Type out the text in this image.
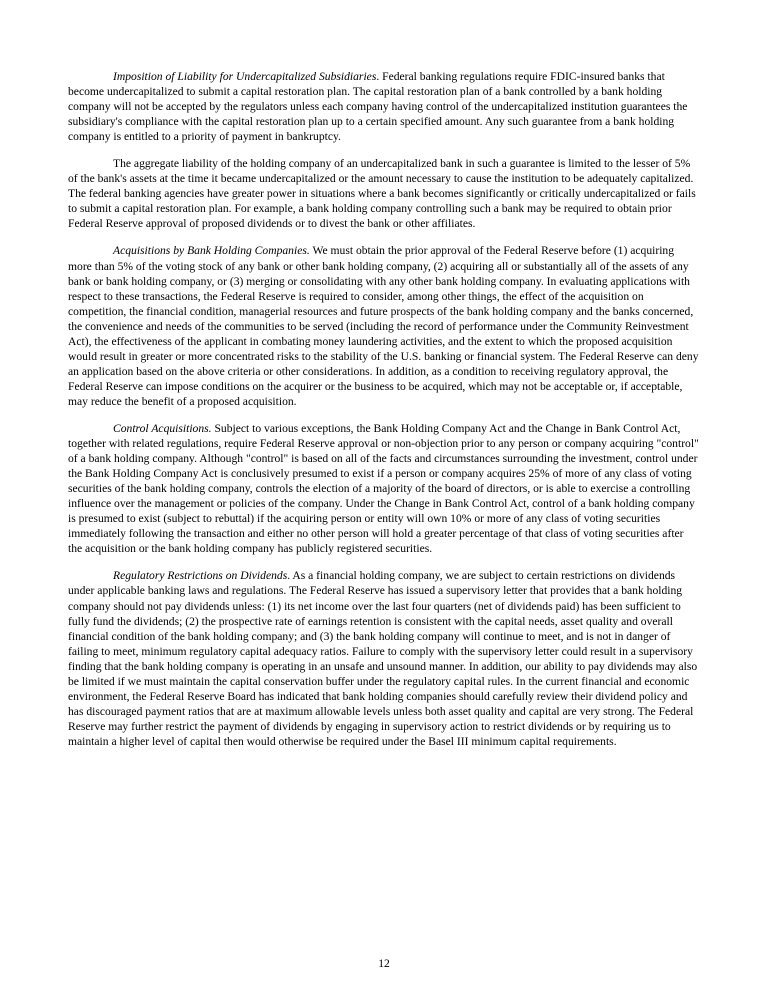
Imposition of Liability for Undercapitalized Subsidiaries. Federal banking regulations require FDIC-insured banks that become undercapitalized to submit a capital restoration plan. The capital restoration plan of a bank controlled by a bank holding company will not be accepted by the regulators unless each company having control of the undercapitalized institution guarantees the subsidiary's compliance with the capital restoration plan up to a certain specified amount. Any such guarantee from a bank holding company is entitled to a priority of payment in bankruptcy.

The aggregate liability of the holding company of an undercapitalized bank in such a guarantee is limited to the lesser of 5% of the bank's assets at the time it became undercapitalized or the amount necessary to cause the institution to be adequately capitalized. The federal banking agencies have greater power in situations where a bank becomes significantly or critically undercapitalized or fails to submit a capital restoration plan. For example, a bank holding company controlling such a bank may be required to obtain prior Federal Reserve approval of proposed dividends or to divest the bank or other affiliates.

Acquisitions by Bank Holding Companies. We must obtain the prior approval of the Federal Reserve before (1) acquiring more than 5% of the voting stock of any bank or other bank holding company, (2) acquiring all or substantially all of the assets of any bank or bank holding company, or (3) merging or consolidating with any other bank holding company. In evaluating applications with respect to these transactions, the Federal Reserve is required to consider, among other things, the effect of the acquisition on competition, the financial condition, managerial resources and future prospects of the bank holding company and the banks concerned, the convenience and needs of the communities to be served (including the record of performance under the Community Reinvestment Act), the effectiveness of the applicant in combating money laundering activities, and the extent to which the proposed acquisition would result in greater or more concentrated risks to the stability of the U.S. banking or financial system. The Federal Reserve can deny an application based on the above criteria or other considerations. In addition, as a condition to receiving regulatory approval, the Federal Reserve can impose conditions on the acquirer or the business to be acquired, which may not be acceptable or, if acceptable, may reduce the benefit of a proposed acquisition.

Control Acquisitions. Subject to various exceptions, the Bank Holding Company Act and the Change in Bank Control Act, together with related regulations, require Federal Reserve approval or non-objection prior to any person or company acquiring "control" of a bank holding company. Although "control" is based on all of the facts and circumstances surrounding the investment, control under the Bank Holding Company Act is conclusively presumed to exist if a person or company acquires 25% of more of any class of voting securities of the bank holding company, controls the election of a majority of the board of directors, or is able to exercise a controlling influence over the management or policies of the company. Under the Change in Bank Control Act, control of a bank holding company is presumed to exist (subject to rebuttal) if the acquiring person or entity will own 10% or more of any class of voting securities immediately following the transaction and either no other person will hold a greater percentage of that class of voting securities after the acquisition or the bank holding company has publicly registered securities.

Regulatory Restrictions on Dividends. As a financial holding company, we are subject to certain restrictions on dividends under applicable banking laws and regulations. The Federal Reserve has issued a supervisory letter that provides that a bank holding company should not pay dividends unless: (1) its net income over the last four quarters (net of dividends paid) has been sufficient to fully fund the dividends; (2) the prospective rate of earnings retention is consistent with the capital needs, asset quality and overall financial condition of the bank holding company; and (3) the bank holding company will continue to meet, and is not in danger of failing to meet, minimum regulatory capital adequacy ratios. Failure to comply with the supervisory letter could result in a supervisory finding that the bank holding company is operating in an unsafe and unsound manner. In addition, our ability to pay dividends may also be limited if we must maintain the capital conservation buffer under the regulatory capital rules. In the current financial and economic environment, the Federal Reserve Board has indicated that bank holding companies should carefully review their dividend policy and has discouraged payment ratios that are at maximum allowable levels unless both asset quality and capital are very strong. The Federal Reserve may further restrict the payment of dividends by engaging in supervisory action to restrict dividends or by requiring us to maintain a higher level of capital then would otherwise be required under the Basel III minimum capital requirements.

12
